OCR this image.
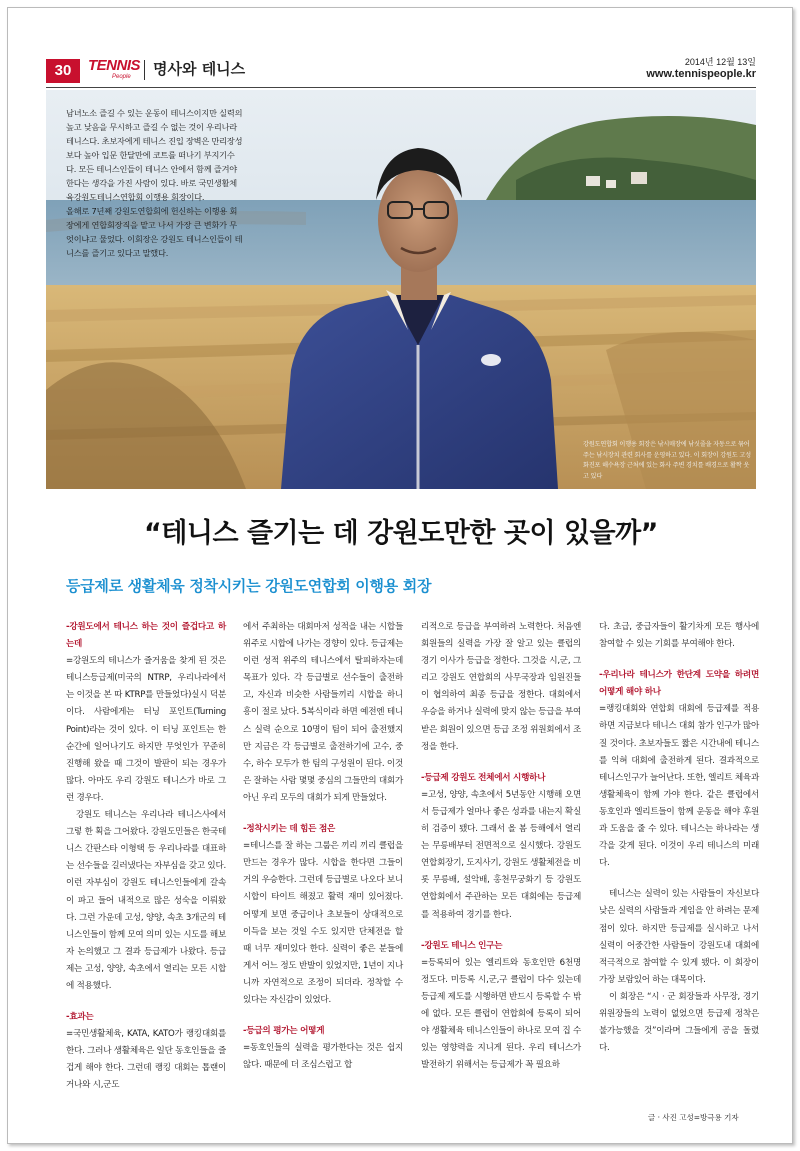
30	TENNIS
People 명사와 테니스	2014년 12월 13일
www.tennispeople.kr

남녀노소 즐길 수 있는 운동이 테니스이지만 실력의 높고 낮음을 무시하고 즐길 수 없는 것이 우리나라 테니스다. 초보자에게 테니스 진입 장벽은 만리장성보다 높아 입문 한달만에 코트를 떠나기 부지기수다. 모든 테니스인들이 테니스 안에서 함께 즐겨야 한다는 생각을 가진 사람이 있다. 바로 국민생활체육강원도테니스연합회 이행용 회장이다.

올해로 7년째 강원도연합회에 헌신하는 이행용 회장에게 연합회장직을 맡고 나서 가장 큰 변화가 무엇이냐고 물었다. 이회장은 강원도 테니스인들이 테니스를 즐기고 있다고 말했다.

강원도연합회 이행용 회장은 낚시매장에 낚싯줄을 자동으로 묶어주는 낚시장치 관련 회사를 운영하고 있다. 이 회장이 강원도 고성 화진포 해수욕장 근처에 있는 화사 주변 경치를 배경으로 활짝 웃고 있다
“테니스 즐기는 데 강원도만한 곳이 있을까”
등급제로 생활체육 정착시키는 강원도연합회 이행용 회장
-강원도에서 테니스 하는 것이 즐겁다고 하는데
=강원도의 테니스가 즐거움을 찾게 된 것은 테니스등급제(미국의 NTRP, 우리나라에서는 이것을 본 따 KTRP를 만들었다)실시 덕분이다. 사람에게는 터닝 포인트(Turning Point)라는 것이 있다. 이 터닝 포인트는 한 순간에 일어나기도 하지만 무엇인가 꾸준히 진행해 왔을 때 그것이 발판이 되는 경우가 많다. 아마도 우리 강원도 테니스가 바로 그런 경우다.
강원도 테니스는 우리나라 테니스사에서 그렇 한 획을 그어왔다. 강원도민들은 한국테니스 간판스타 이형택 등 우리나라를 대표하는 선수들을 길러냈다는 자부심을 갖고 있다. 이런 자부심이 강원도 테니스인들에게 갈속이 파고 들어 내적으로 많은 성숙을 이뤄왔다. 그런 가운데 고성, 양양, 속초 3개군의 테니스인들이 함께 모여 의미 있는 시도를 해보자 논의했고 그 결과 등급제가 나왔다. 등급제는 고성, 양양, 속초에서 열리는 모든 시합에 적용했다.
-효과는
=국민생활체육, KATA, KATO가 랭킹대회를 한다. 그러나 생활체육은 일단 동호인들을 즐겁게 해야 한다. 그런데 랭킹 대회는 톱랜이거나와 시,군도
에서 주최하는 대회마저 성적을 내는 시합들 위주로 시합에 나가는 경향이 있다. 등급제는 이런 성적 위주의 테니스에서 탈피하자는데 목표가 있다. 각 등급별로 선수들이 출전하고, 자신과 비슷한 사람들끼리 시합을 하니 흥이 절로 났다. 5복식이라 하면 예전엔 테니스 실력 순으로 10명이 팀이 되어 출전했지만 지금은 각 등급별로 출전하기에 고수, 중수, 하수 모두가 한 팀의 구성원이 된다. 이것은 잘하는 사람 몇몇 중심의 그들만의 대회가 아닌 우리 모두의 대회가 되게 만들었다.
-정착시키는 데 힘든 점은
=테니스를 잘 하는 그룹은 끼리 끼리 클럽을 만드는 경우가 많다. 시합을 한다면 그들이 거의 우승한다. 그런데 등급별로 나오다 보니 시합이 타이트 해졌고 활력 재미 있어졌다. 어떻게 보면 중급이나 초보들이 상대적으로 이득을 보는 것일 수도 있지만 단체전을 할 때 너무 재미있다 한다. 실력이 좋은 분들에게서 어느 정도 반발이 있었지만, 1년이 지나니까 자연적으로 조정이 되더라. 정착할 수 있다는 자신감이 있었다.
-등급의 평가는 어떻게
=동호인들의 실력을 평가한다는 것은 쉽지 않다. 때문에 더 조심스럽고 합
리적으로 등급을 부여하려 노력한다. 처음엔 회원들의 실력을 가장 잘 알고 있는 클럽의 경기 이사가 등급을 정한다. 그것을 시,군, 그리고 강원도 연합회의 사무국장과 임원진들이 협의하여 최종 등급을 정한다. 대회에서 우승을 하거나 실력에 맞지 않는 등급을 부여 받은 회원이 있으면 등급 조정 위원회에서 조정을 한다.
-등급제 강원도 전체에서 시행하나
=고성, 양양, 속초에서 5년동안 시행해 오면서 등급제가 얼마나 좋은 성과를 내는지 확실히 검증이 됐다. 그래서 올 봄 등해에서 열리는 무릉배부터 전면적으로 실시했다. 강원도 연합회장기, 도지사기, 강원도 생활체전을 비롯 무릉배, 설악배, 홍천무궁화기 등 강원도 연합회에서 주관하는 모든 대회에는 등급제를 적용하여 경기를 한다.
-강원도 테니스 인구는
=등록되어 있는 엘리트와 동호인만 6천명 정도다. 미등록 시,군,구 클럽이 다수 있는데 등급제 제도를 시행하면 반드시 등록할 수 밖에 없다. 모든 클럽이 연합회에 등록이 되어야 생활체육 테니스인들이 하나로 모여 집 수 있는 영향력을 지니게 된다. 우리 테니스가 발전하기 위해서는 등급제가 꼭 필요하
다. 초급, 중급자들이 활기차게 모든 행사에 참여할 수 있는 기회를 부여해야 한다.
-우리나라 테니스가 한단계 도약을 하려면 어떻게 해야 하나
=랭킹대회와 연합회 대회에 등급제를 적용하면 지금보다 테니스 대회 참가 인구가 많아질 것이다. 초보자들도 짧은 시간내에 테니스를 익혀 대회에 출전하게 된다. 결과적으로 테니스인구가 늘어난다. 또한, 엘리트 체육과 생활체육이 함께 가야 한다. 같은 클럽에서 동호인과 엘리트들이 함께 운동을 해야 후원과 도움을 줄 수 있다. 테니스는 하나라는 생각을 갖게 된다. 이것이 우리 테니스의 미래다.
테니스는 실력이 있는 사람들이 자신보다 낮은 실력의 사람들과 게임을 안 하려는 문제점이 있다. 하지만 등급제를 실시하고 나서 실력이 어중간한 사람들이 강원도내 대회에 적극적으로 참여할 수 있게 됐다. 이 회장이 가장 보람있어 하는 대목이다.
이 회장은 “시 · 군 회장들과 사무장, 경기 위원장들의 노력이 없었으면 등급제 정착은 불가능했을 것”이라며 그들에게 공을 돌렸다.
글 · 사진 고성=방극용 기자
